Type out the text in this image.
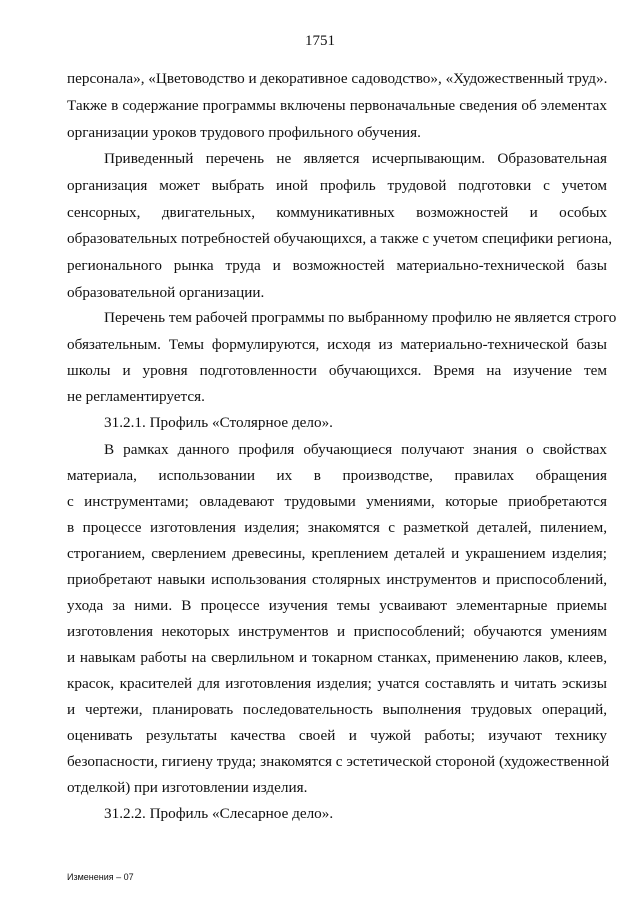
1751
персонала», «Цветоводство и декоративное садоводство», «Художественный труд».
Также в содержание программы включены первоначальные сведения об элементах
организации уроков трудового профильного обучения.
Приведенный перечень не является исчерпывающим. Образовательная
организация может выбрать иной профиль трудовой подготовки с учетом
сенсорных, двигательных, коммуникативных возможностей и особых
образовательных потребностей обучающихся, а также с учетом специфики региона,
регионального рынка труда и возможностей материально-технической базы
образовательной организации.
Перечень тем рабочей программы по выбранному профилю не является строго
обязательным. Темы формулируются, исходя из материально-технической базы
школы и уровня подготовленности обучающихся. Время на изучение тем
не регламентируется.
31.2.1. Профиль «Столярное дело».
В рамках данного профиля обучающиеся получают знания о свойствах
материала, использовании их в производстве, правилах обращения
с инструментами; овладевают трудовыми умениями, которые приобретаются
в процессе изготовления изделия; знакомятся с разметкой деталей, пилением,
строганием, сверлением древесины, креплением деталей и украшением изделия;
приобретают навыки использования столярных инструментов и приспособлений,
ухода за ними. В процессе изучения темы усваивают элементарные приемы
изготовления некоторых инструментов и приспособлений; обучаются умениям
и навыкам работы на сверлильном и токарном станках, применению лаков, клеев,
красок, красителей для изготовления изделия; учатся составлять и читать эскизы
и чертежи, планировать последовательность выполнения трудовых операций,
оценивать результаты качества своей и чужой работы; изучают технику
безопасности, гигиену труда; знакомятся с эстетической стороной (художественной
отделкой) при изготовлении изделия.
31.2.2. Профиль «Слесарное дело».
Изменения – 07
